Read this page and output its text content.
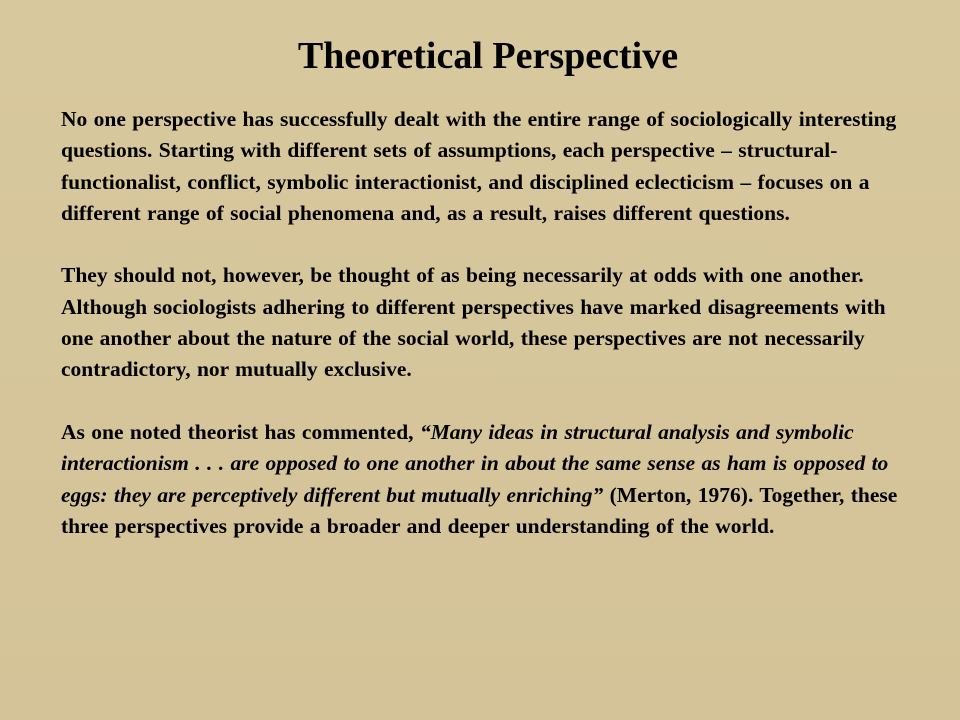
Theoretical Perspective

No one perspective has successfully dealt with the entire range of sociologically interesting questions. Starting with different sets of assumptions, each perspective – structural-functionalist, conflict, symbolic interactionist, and disciplined eclecticism – focuses on a different range of social phenomena and, as a result, raises different questions.

They should not, however, be thought of as being necessarily at odds with one another. Although sociologists adhering to different perspectives have marked disagreements with one another about the nature of the social world, these perspectives are not necessarily contradictory, nor mutually exclusive.

As one noted theorist has commented, “Many ideas in structural analysis and symbolic interactionism . . . are opposed to one another in about the same sense as ham is opposed to eggs: they are perceptively different but mutually enriching” (Merton, 1976). Together, these three perspectives provide a broader and deeper understanding of the world.
